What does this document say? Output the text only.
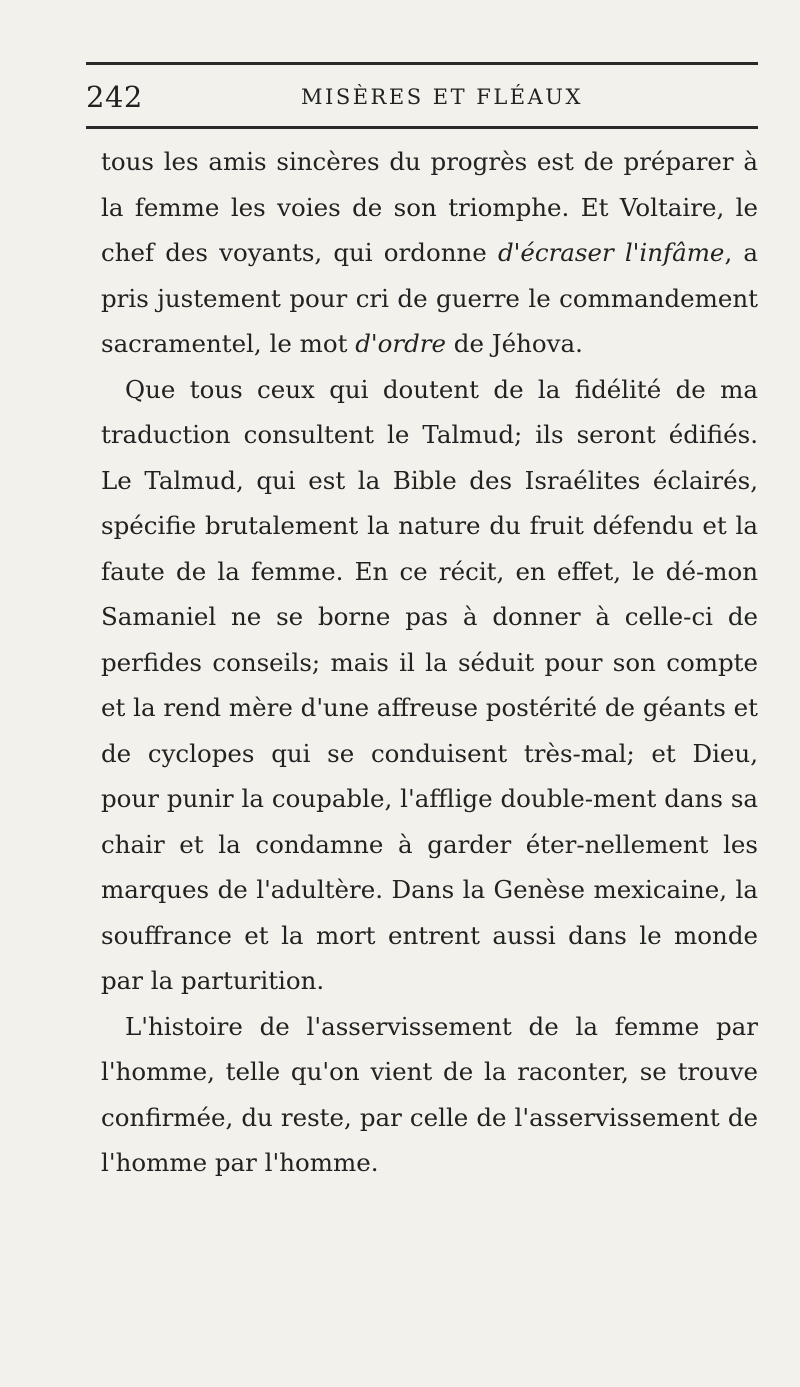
242	MISÈRES ET FLÉAUX

tous les amis sincères du progrès est de préparer à la femme les voies de son triomphe. Et Voltaire, le chef des voyants, qui ordonne d'écraser l'infâme, a pris justement pour cri de guerre le commandement sacramentel, le mot d'ordre de Jéhova.

Que tous ceux qui doutent de la fidélité de ma traduction consultent le Talmud; ils seront édifiés. Le Talmud, qui est la Bible des Israélites éclairés, spécifie brutalement la nature du fruit défendu et la faute de la femme. En ce récit, en effet, le dé-mon Samaniel ne se borne pas à donner à celle-ci de perfides conseils; mais il la séduit pour son compte et la rend mère d'une affreuse postérité de géants et de cyclopes qui se conduisent très-mal; et Dieu, pour punir la coupable, l'afflige double-ment dans sa chair et la condamne à garder éter-nellement les marques de l'adultère. Dans la Genèse mexicaine, la souffrance et la mort entrent aussi dans le monde par la parturition.

L'histoire de l'asservissement de la femme par l'homme, telle qu'on vient de la raconter, se trouve confirmée, du reste, par celle de l'asservissement de l'homme par l'homme.
